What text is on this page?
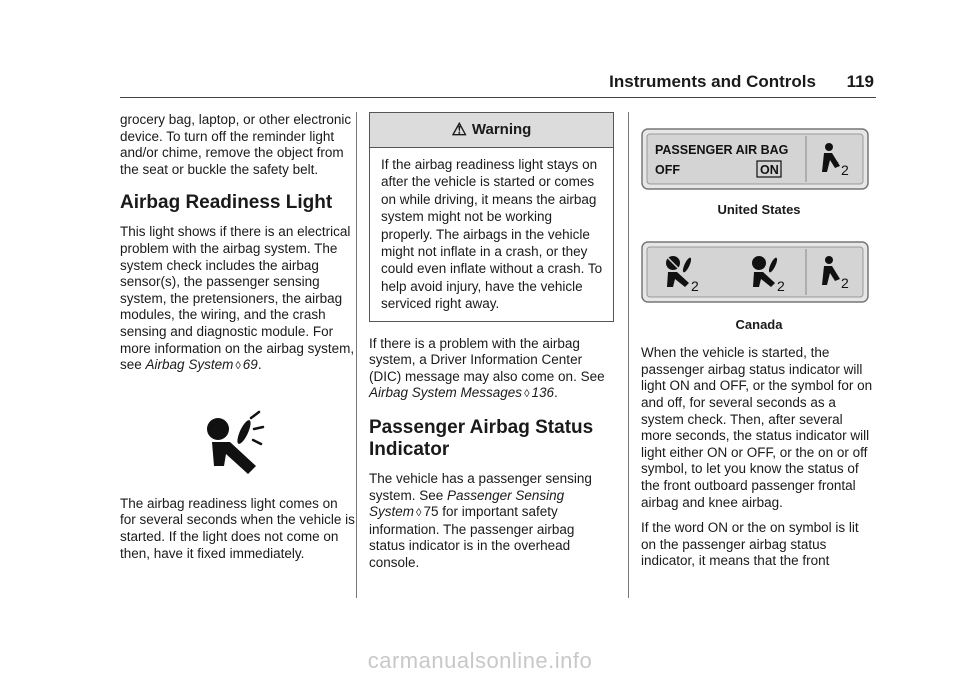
Instruments and Controls 119

grocery bag, laptop, or other electronic device. To turn off the reminder light and/or chime, remove the object from the seat or buckle the safety belt.

Airbag Readiness Light

This light shows if there is an electrical problem with the airbag system. The system check includes the airbag sensor(s), the passenger sensing system, the pretensioners, the airbag modules, the wiring, and the crash sensing and diagnostic module. For more information on the airbag system, see Airbag System ◊ 69.

The airbag readiness light comes on for several seconds when the vehicle is started. If the light does not come on then, have it fixed immediately.

⚠ Warning
If the airbag readiness light stays on after the vehicle is started or comes on while driving, it means the airbag system might not be working properly. The airbags in the vehicle might not inflate in a crash, or they could even inflate without a crash. To help avoid injury, have the vehicle serviced right away.

If there is a problem with the airbag system, a Driver Information Center (DIC) message may also come on. See Airbag System Messages ◊ 136.

Passenger Airbag Status Indicator

The vehicle has a passenger sensing system. See Passenger Sensing System ◊ 75 for important safety information. The passenger airbag status indicator is in the overhead console.

PASSENGER AIR BAG
OFF	ON	2
United States
2	2	2
Canada

When the vehicle is started, the passenger airbag status indicator will light ON and OFF, or the symbol for on and off, for several seconds as a system check. Then, after several more seconds, the status indicator will light either ON or OFF, or the on or off symbol, to let you know the status of the front outboard passenger frontal airbag and knee airbag.

If the word ON or the on symbol is lit on the passenger airbag status indicator, it means that the front

carmanualsonline.info
